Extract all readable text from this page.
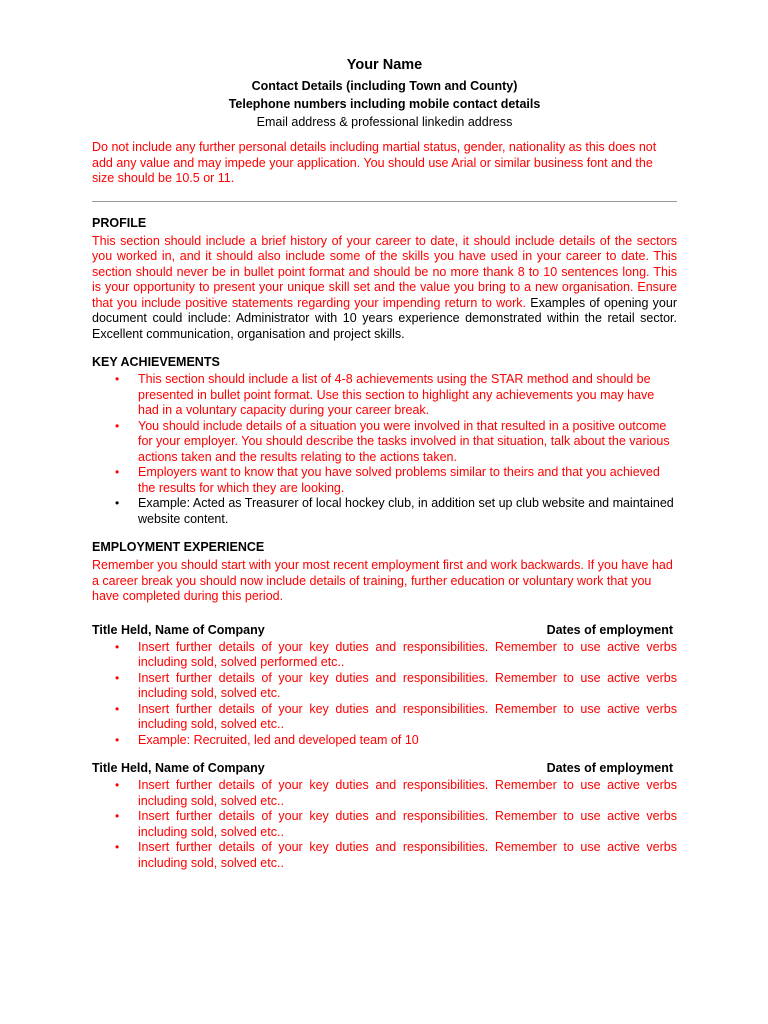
Your Name
Contact Details (including Town and County)
Telephone numbers including mobile contact details
Email address & professional linkedin address
Do not include any further personal details including martial status, gender, nationality as this does not add any value and may impede your application. You should use Arial or similar business font and the size should be 10.5 or 11.
PROFILE
This section should include a brief history of your career to date, it should include details of the sectors you worked in, and it should also include some of the skills you have used in your career to date. This section should never be in bullet point format and should be no more thank 8 to 10 sentences long. This is your opportunity to present your unique skill set and the value you bring to a new organisation. Ensure that you include positive statements regarding your impending return to work. Examples of opening your document could include: Administrator with 10 years experience demonstrated within the retail sector. Excellent communication, organisation and project skills.
KEY ACHIEVEMENTS
• This section should include a list of 4-8 achievements using the STAR method and should be presented in bullet point format. Use this section to highlight any achievements you may have had in a voluntary capacity during your career break.
• You should include details of a situation you were involved in that resulted in a positive outcome for your employer. You should describe the tasks involved in that situation, talk about the various actions taken and the results relating to the actions taken.
• Employers want to know that you have solved problems similar to theirs and that you achieved the results for which they are looking.
• Example: Acted as Treasurer of local hockey club, in addition set up club website and maintained website content.
EMPLOYMENT EXPERIENCE
Remember you should start with your most recent employment first and work backwards. If you have had a career break you should now include details of training, further education or voluntary work that you have completed during this period.
Title Held, Name of Company	Dates of employment
• Insert further details of your key duties and responsibilities. Remember to use active verbs including sold, solved performed etc..
• Insert further details of your key duties and responsibilities. Remember to use active verbs including sold, solved etc.
• Insert further details of your key duties and responsibilities. Remember to use active verbs including sold, solved etc..
• Example: Recruited, led and developed team of 10
Title Held, Name of Company	Dates of employment
• Insert further details of your key duties and responsibilities. Remember to use active verbs including sold, solved etc..
• Insert further details of your key duties and responsibilities. Remember to use active verbs including sold, solved etc..
• Insert further details of your key duties and responsibilities. Remember to use active verbs including sold, solved etc..
